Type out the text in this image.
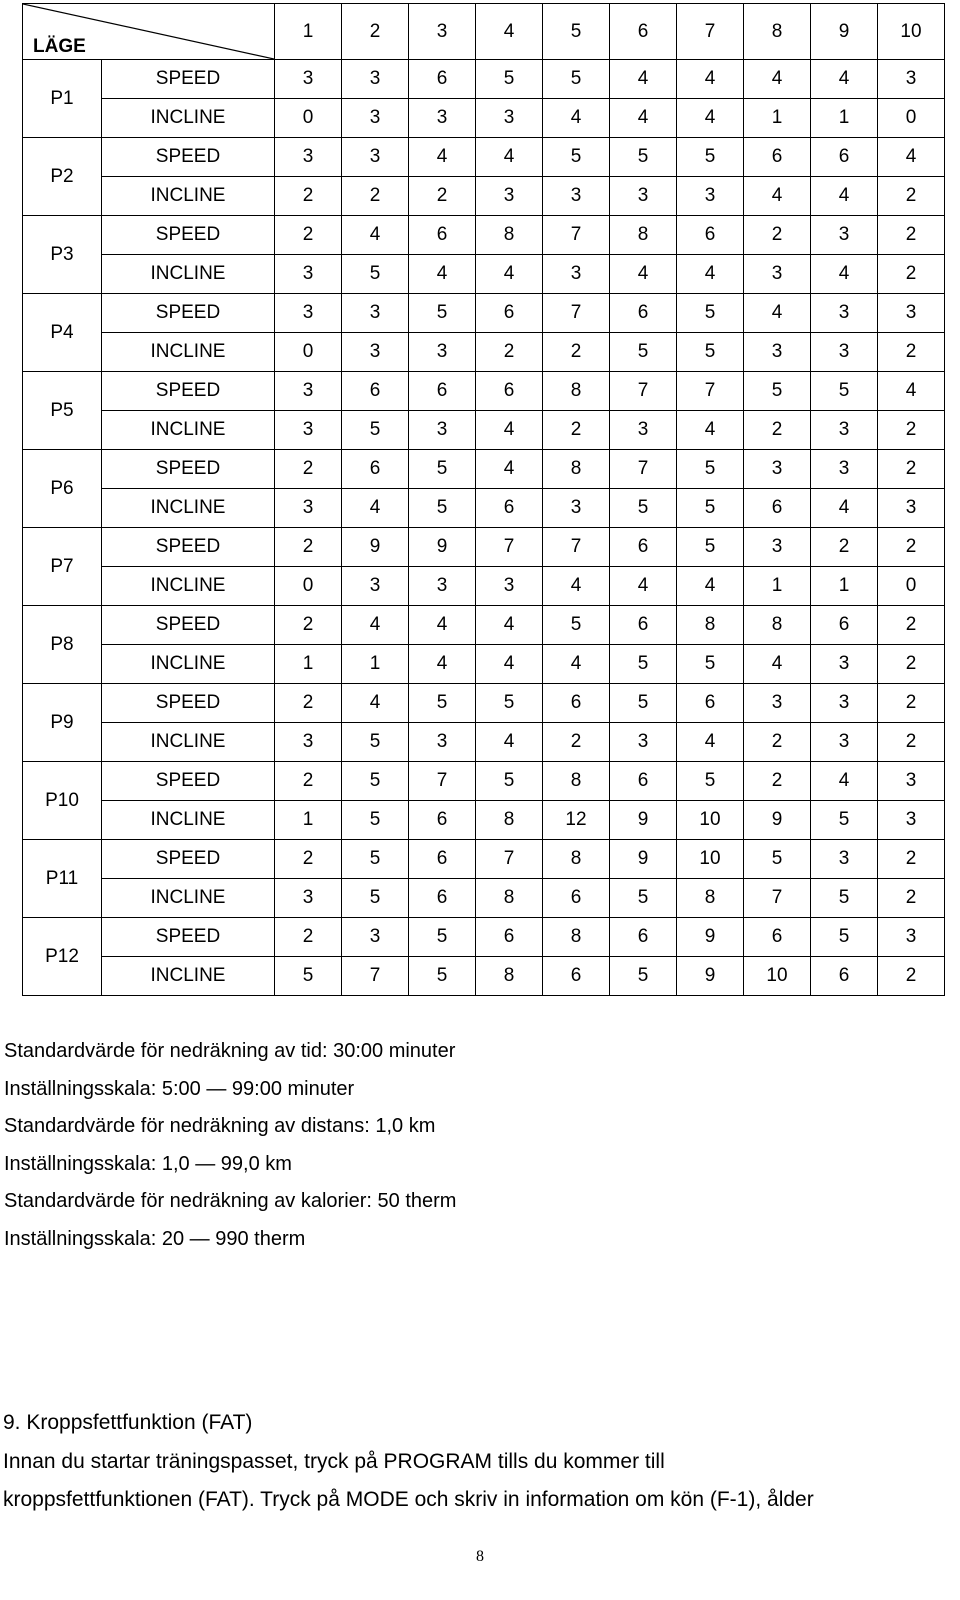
LÄGE		1	2	3	4	5	6	7	8	9	10
P1	SPEED	3	3	6	5	5	4	4	4	4	3
	INCLINE	0	3	3	3	4	4	4	1	1	0
P2	SPEED	3	3	4	4	5	5	5	6	6	4
	INCLINE	2	2	2	3	3	3	3	4	4	2
P3	SPEED	2	4	6	8	7	8	6	2	3	2
	INCLINE	3	5	4	4	3	4	4	3	4	2
P4	SPEED	3	3	5	6	7	6	5	4	3	3
	INCLINE	0	3	3	2	2	5	5	3	3	2
P5	SPEED	3	6	6	6	8	7	7	5	5	4
	INCLINE	3	5	3	4	2	3	4	2	3	2
P6	SPEED	2	6	5	4	8	7	5	3	3	2
	INCLINE	3	4	5	6	3	5	5	6	4	3
P7	SPEED	2	9	9	7	7	6	5	3	2	2
	INCLINE	0	3	3	3	4	4	4	1	1	0
P8	SPEED	2	4	4	4	5	6	8	8	6	2
	INCLINE	1	1	4	4	4	5	5	4	3	2
P9	SPEED	2	4	5	5	6	5	6	3	3	2
	INCLINE	3	5	3	4	2	3	4	2	3	2
P10	SPEED	2	5	7	5	8	6	5	2	4	3
	INCLINE	1	5	6	8	12	9	10	9	5	3
P11	SPEED	2	5	6	7	8	9	10	5	3	2
	INCLINE	3	5	6	8	6	5	8	7	5	2
P12	SPEED	2	3	5	6	8	6	9	6	5	3
	INCLINE	5	7	5	8	6	5	9	10	6	2
Standardvärde för nedräkning av tid: 30:00 minuter
Inställningsskala: 5:00 — 99:00 minuter
Standardvärde för nedräkning av distans: 1,0 km
Inställningsskala: 1,0 — 99,0 km
Standardvärde för nedräkning av kalorier: 50 therm
Inställningsskala: 20 — 990 therm
9. Kroppsfettfunktion (FAT)
Innan du startar träningspasset, tryck på PROGRAM tills du kommer till
kroppsfettfunktionen (FAT). Tryck på MODE och skriv in information om kön (F-1), ålder
8
